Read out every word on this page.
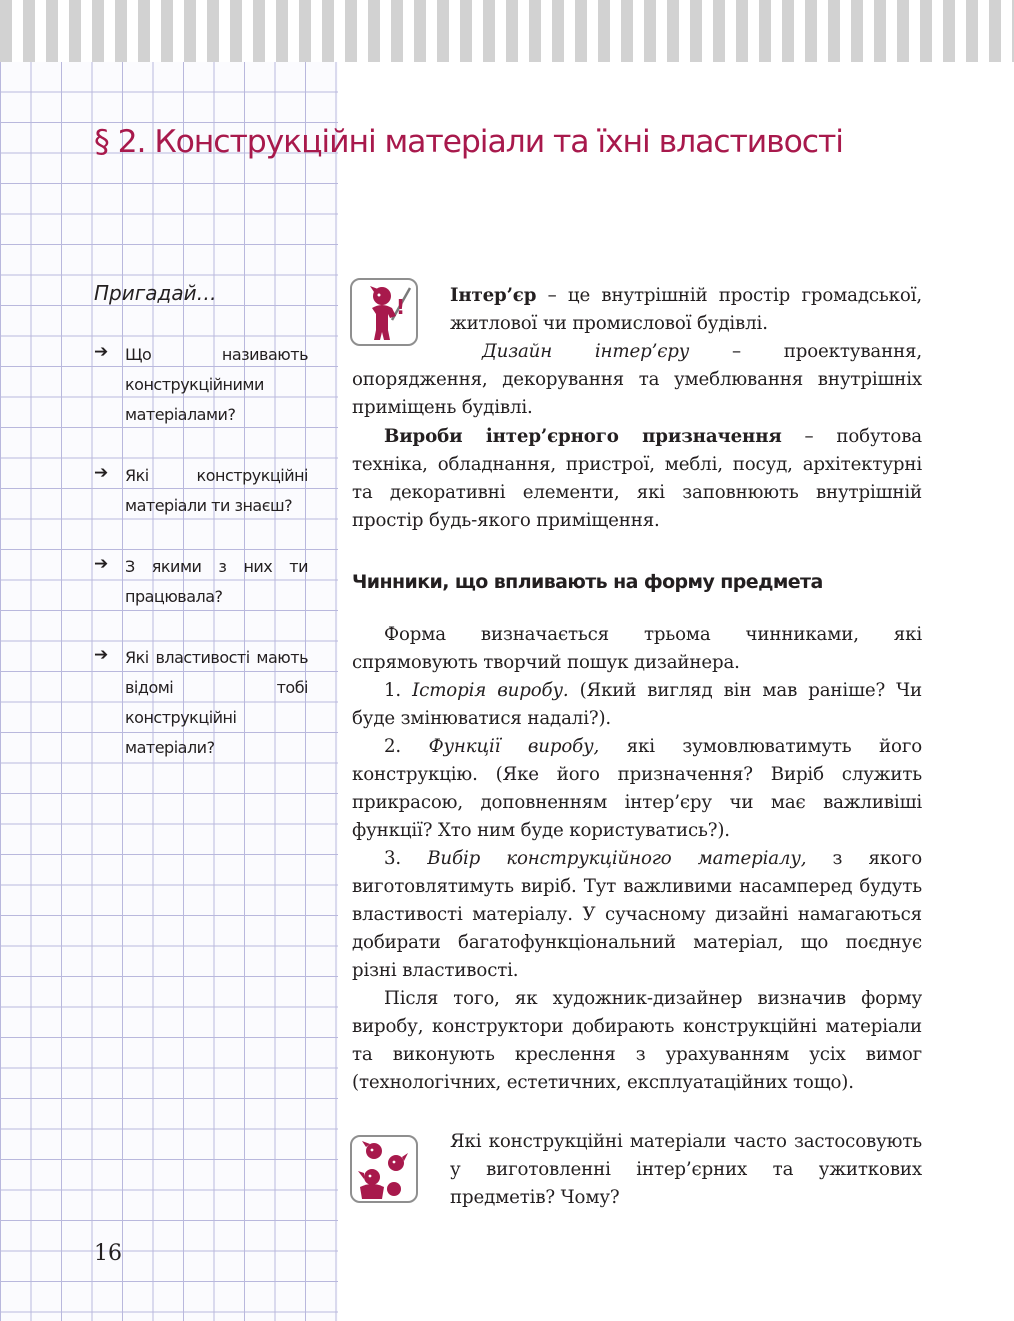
§ 2. Конструкційні матеріали та їхні властивості
Пригадай…
➔ Що називають конструкційними матеріалами?
➔ Які конструкційні матеріали ти знаєш?
➔ З якими з них ти працювала?
➔ Які властивості мають відомі тобі конструкційні матеріали?
!	Інтер’єр – це внутрішній простір громадської, житлової чи промислової будівлі.

Дизайн інтер’єру – проектування, опорядження, декорування та умеблювання внутрішніх приміщень будівлі.

Вироби інтер’єрного призначення – побутова техніка, обладнання, пристрої, меблі, посуд, архітектурні та декоративні елементи, які заповнюють внутрішній простір будь-якого приміщення.

Чинники, що впливають на форму предмета

Форма визначається трьома чинниками, які спрямовують творчий пошук дизайнера.

1. Історія виробу. (Який вигляд він мав раніше? Чи буде змінюватися надалі?).

2. Функції виробу, які зумовлюватимуть його конструкцію. (Яке його призначення? Виріб служить прикрасою, доповненням інтер’єру чи має важливіші функції? Хто ним буде користуватись?).

3. Вибір конструкційного матеріалу, з якого виготовлятимуть виріб. Тут важливими насамперед будуть властивості матеріалу. У сучасному дизайні намагаються добирати багатофункціональний матеріал, що поєднує різні властивості.

Після того, як художник-дизайнер визначив форму виробу, конструктори добирають конструкційні матеріали та виконують креслення з урахуванням усіх вимог (технологічних, естетичних, експлуатаційних тощо).

Які конструкційні матеріали часто застосовують у виготовленні інтер’єрних та ужиткових предметів? Чому?

16
